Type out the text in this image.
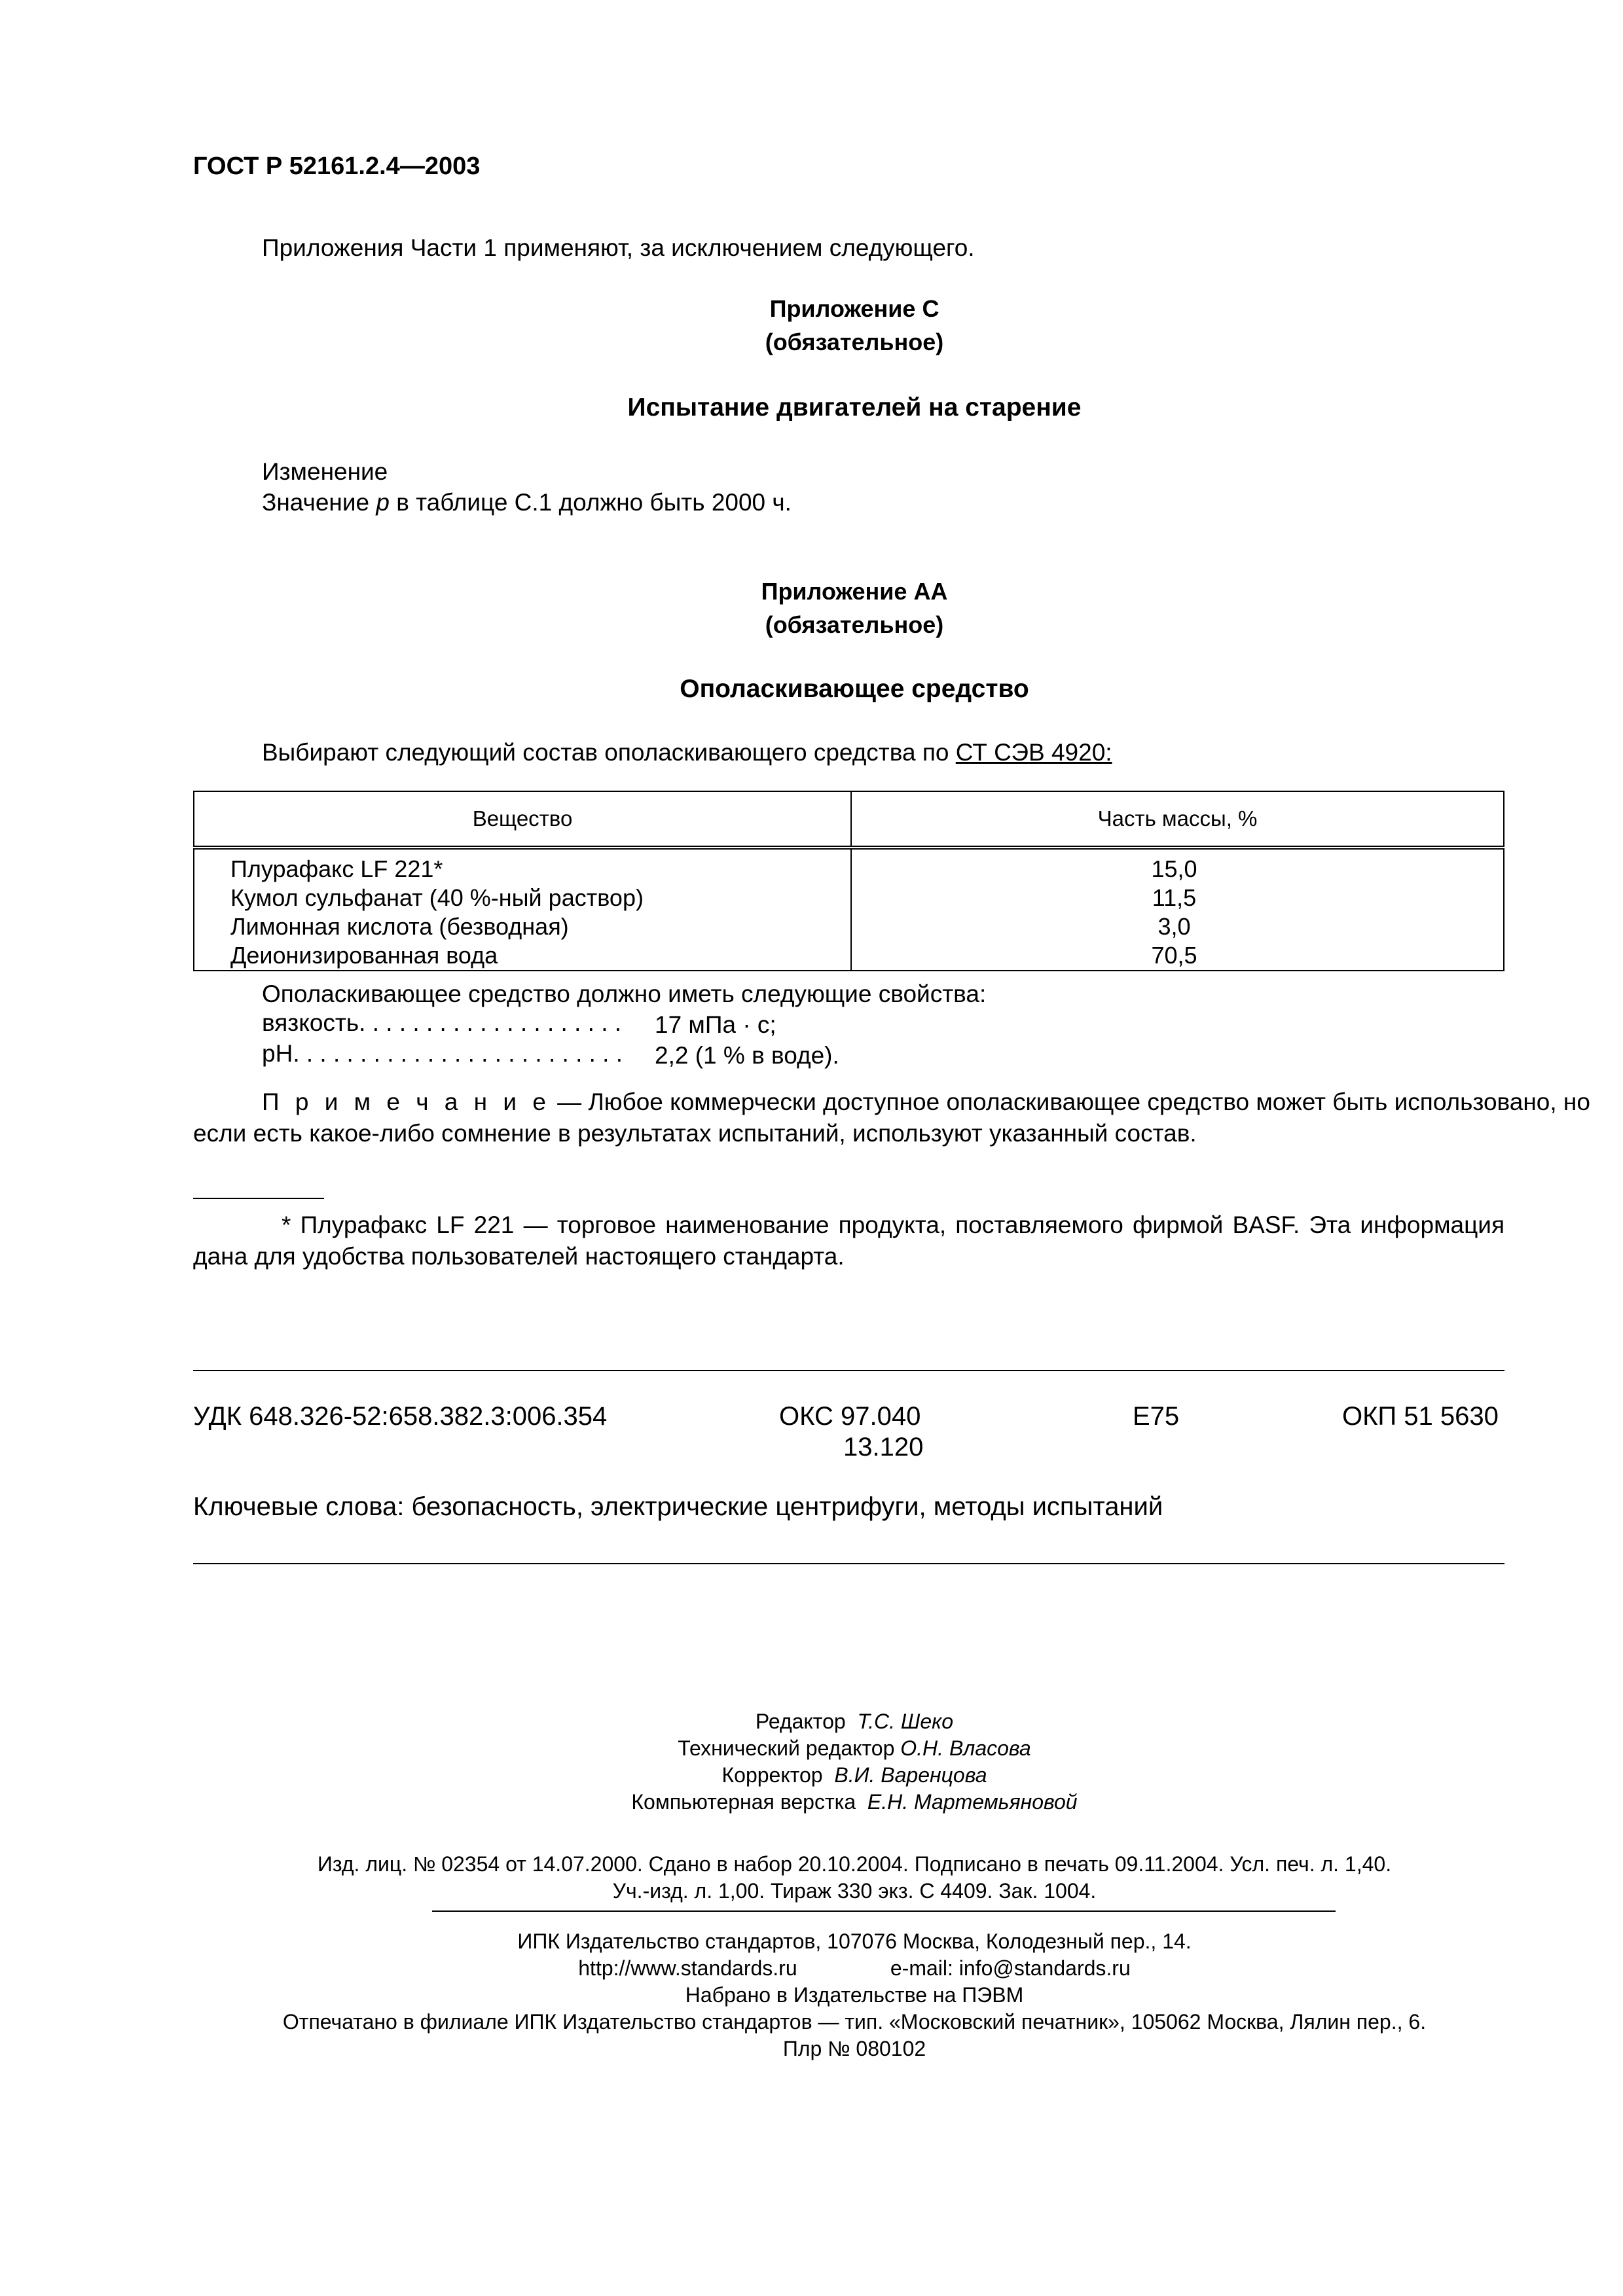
ГОСТ Р 52161.2.4—2003
Приложения Части 1 применяют, за исключением следующего.
Приложение C
(обязательное)
Испытание двигателей на старение
Изменение
Значение p в таблице С.1 должно быть 2000 ч.
Приложение АА
(обязательное)
Ополаскивающее средство
Выбирают следующий состав ополаскивающего средства по СТ СЭВ 4920:
Вещество	Часть массы, %
Плурафакс LF 221*	15,0
Кумол сульфанат (40 %-ный раствор)	11,5
Лимонная кислота (безводная)	3,0
Деионизированная вода	70,5
Ополаскивающее средство должно иметь следующие свойства:
вязкость. . . . . . . . . . . . . . . . . . . . 17 мПа · с;
pH. . . . . . . . . . . . . . . . . . . . . . . . . 2,2 (1 % в воде).
П р и м е ч а н и е — Любое коммерчески доступное ополаскивающее средство может быть использовано, но
если есть какое-либо сомнение в результатах испытаний, используют указанный состав.
* Плурафакс LF 221 — торговое наименование продукта, поставляемого фирмой BASF. Эта информация
дана для удобства пользователей настоящего стандарта.
УДК 648.326-52:658.382.3:006.354	ОКС 97.040
13.120
Е75	ОКП 51 5630
Ключевые слова: безопасность, электрические центрифуги, методы испытаний
Редактор Т.С. Шеко
Технический редактор О.Н. Власова
Корректор В.И. Варенцова
Компьютерная верстка Е.Н. Мартемьяновой
Изд. лиц. № 02354 от 14.07.2000. Сдано в набор 20.10.2004. Подписано в печать 09.11.2004. Усл. печ. л. 1,40.
Уч.-изд. л. 1,00. Тираж 330 экз. С 4409. Зак. 1004.
ИПК Издательство стандартов, 107076 Москва, Колодезный пер., 14.
http://www.standards.ru	e-mail: info@standards.ru
Набрано в Издательстве на ПЭВМ
Отпечатано в филиале ИПК Издательство стандартов — тип. «Московский печатник», 105062 Москва, Лялин пер., 6.
Плр № 080102
